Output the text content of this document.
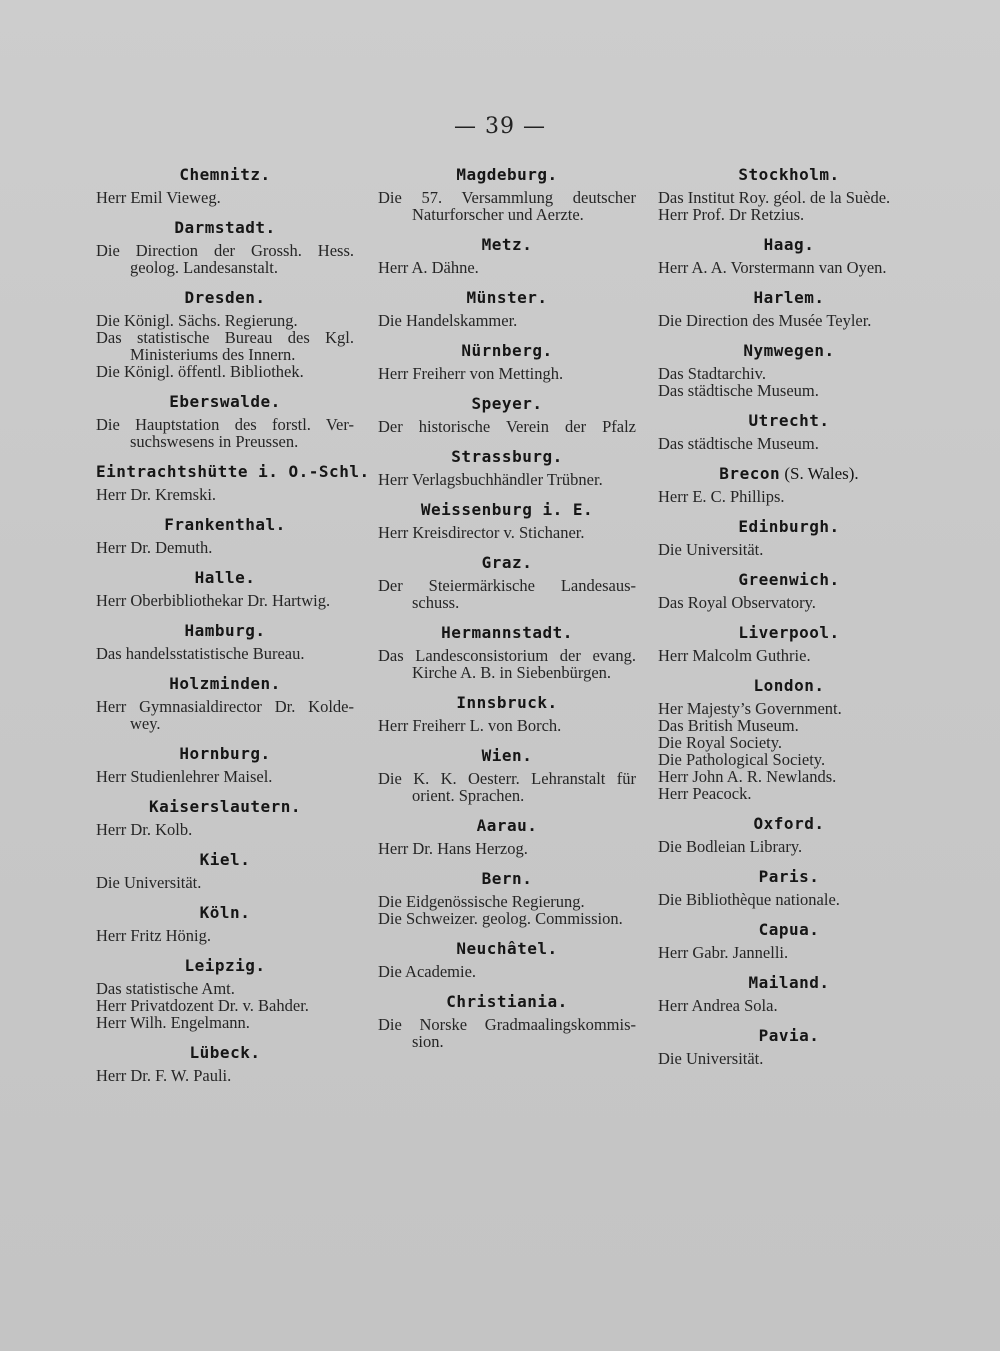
— 39 —
Chemnitz.
Herr Emil Vieweg.
Darmstadt.
Die Direction der Grossh. Hess.
geolog. Landesanstalt.
Dresden.
Die Königl. Sächs. Regierung.
Das statistische Bureau des Kgl.
Ministeriums des Innern.
Die Königl. öffentl. Bibliothek.
Eberswalde.
Die Hauptstation des forstl. Ver-
suchswesens in Preussen.
Eintrachtshütte i. O.-Schl.
Herr Dr. Kremski.
Frankenthal.
Herr Dr. Demuth.
Halle.
Herr Oberbibliothekar Dr. Hartwig.
Hamburg.
Das handelsstatistische Bureau.
Holzminden.
Herr Gymnasialdirector Dr. Kolde-
wey.
Hornburg.
Herr Studienlehrer Maisel.
Kaiserslautern.
Herr Dr. Kolb.
Kiel.
Die Universität.
Köln.
Herr Fritz Hönig.
Leipzig.
Das statistische Amt.
Herr Privatdozent Dr. v. Bahder.
Herr Wilh. Engelmann.
Lübeck.
Herr Dr. F. W. Pauli.
Magdeburg.
Die 57. Versammlung deutscher
Naturforscher und Aerzte.
Metz.
Herr A. Dähne.
Münster.
Die Handelskammer.
Nürnberg.
Herr Freiherr von Mettingh.
Speyer.
Der historische Verein der Pfalz
Strassburg.
Herr Verlagsbuchhändler Trübner.
Weissenburg i. E.
Herr Kreisdirector v. Stichaner.
Graz.
Der Steiermärkische Landesaus-
schuss.
Hermannstadt.
Das Landesconsistorium der evang.
Kirche A. B. in Siebenbürgen.
Innsbruck.
Herr Freiherr L. von Borch.
Wien.
Die K. K. Oesterr. Lehranstalt für
orient. Sprachen.
Aarau.
Herr Dr. Hans Herzog.
Bern.
Die Eidgenössische Regierung.
Die Schweizer. geolog. Commission.
Neuchâtel.
Die Academie.
Christiania.
Die Norske Gradmaalingskommis-
sion.
Stockholm.
Das Institut Roy. géol. de la Suède.
Herr Prof. Dr Retzius.
Haag.
Herr A. A. Vorstermann van Oyen.
Harlem.
Die Direction des Musée Teyler.
Nymwegen.
Das Stadtarchiv.
Das städtische Museum.
Utrecht.
Das städtische Museum.
Brecon (S. Wales).
Herr E. C. Phillips.
Edinburgh.
Die Universität.
Greenwich.
Das Royal Observatory.
Liverpool.
Herr Malcolm Guthrie.
London.
Her Majesty’s Government.
Das British Museum.
Die Royal Society.
Die Pathological Society.
Herr John A. R. Newlands.
Herr Peacock.
Oxford.
Die Bodleian Library.
Paris.
Die Bibliothèque nationale.
Capua.
Herr Gabr. Jannelli.
Mailand.
Herr Andrea Sola.
Pavia.
Die Universität.
